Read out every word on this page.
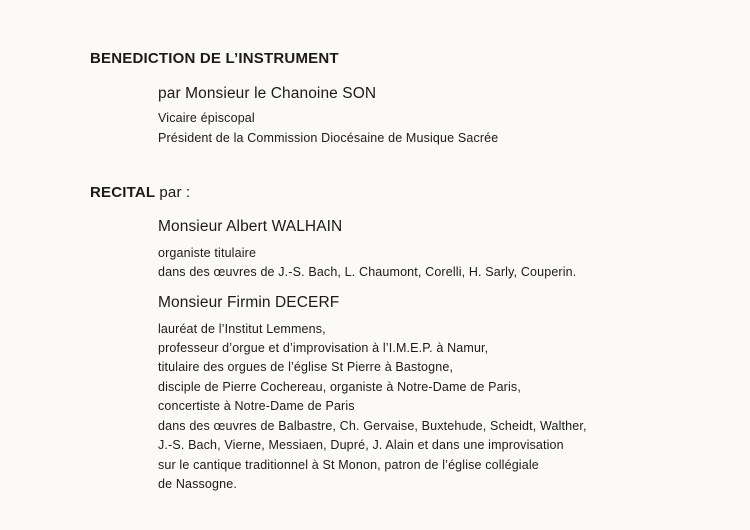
BENEDICTION DE L’INSTRUMENT
par Monsieur le Chanoine SON
Vicaire épiscopal
Président de la Commission Diocésaine de Musique Sacrée
RECITAL par :
Monsieur Albert WALHAIN
organiste titulaire
dans des œuvres de J.-S. Bach, L. Chaumont, Corelli, H. Sarly, Couperin.
Monsieur Firmin DECERF
lauréat de l’Institut Lemmens,
professeur d’orgue et d’improvisation à l’I.M.E.P. à Namur,
titulaire des orgues de l’église St Pierre à Bastogne,
disciple de Pierre Cochereau, organiste à Notre-Dame de Paris,
concertiste à Notre-Dame de Paris
dans des œuvres de Balbastre, Ch. Gervaise, Buxtehude, Scheidt, Walther,
J.-S. Bach, Vierne, Messiaen, Dupré, J. Alain et dans une improvisation
sur le cantique traditionnel à St Monon, patron de l’église collégiale
de Nassogne.
